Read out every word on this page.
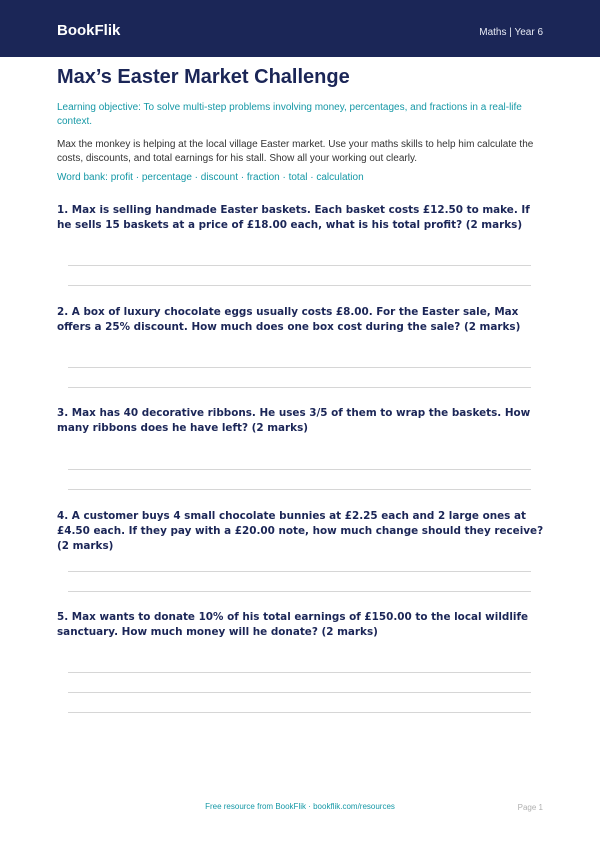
BookFlik	Maths | Year 6
Max’s Easter Market Challenge
Learning objective: To solve multi-step problems involving money, percentages, and fractions in a real-life context.
Max the monkey is helping at the local village Easter market. Use your maths skills to help him calculate the costs, discounts, and total earnings for his stall. Show all your working out clearly.
Word bank: profit · percentage · discount · fraction · total · calculation
1. Max is selling handmade Easter baskets. Each basket costs £12.50 to make. If he sells 15 baskets at a price of £18.00 each, what is his total profit? (2 marks)
2. A box of luxury chocolate eggs usually costs £8.00. For the Easter sale, Max offers a 25% discount. How much does one box cost during the sale? (2 marks)
3. Max has 40 decorative ribbons. He uses 3/5 of them to wrap the baskets. How many ribbons does he have left? (2 marks)
4. A customer buys 4 small chocolate bunnies at £2.25 each and 2 large ones at £4.50 each. If they pay with a £20.00 note, how much change should they receive? (2 marks)
5. Max wants to donate 10% of his total earnings of £150.00 to the local wildlife sanctuary. How much money will he donate? (2 marks)
Free resource from BookFlik · bookflik.com/resources	Page 1
